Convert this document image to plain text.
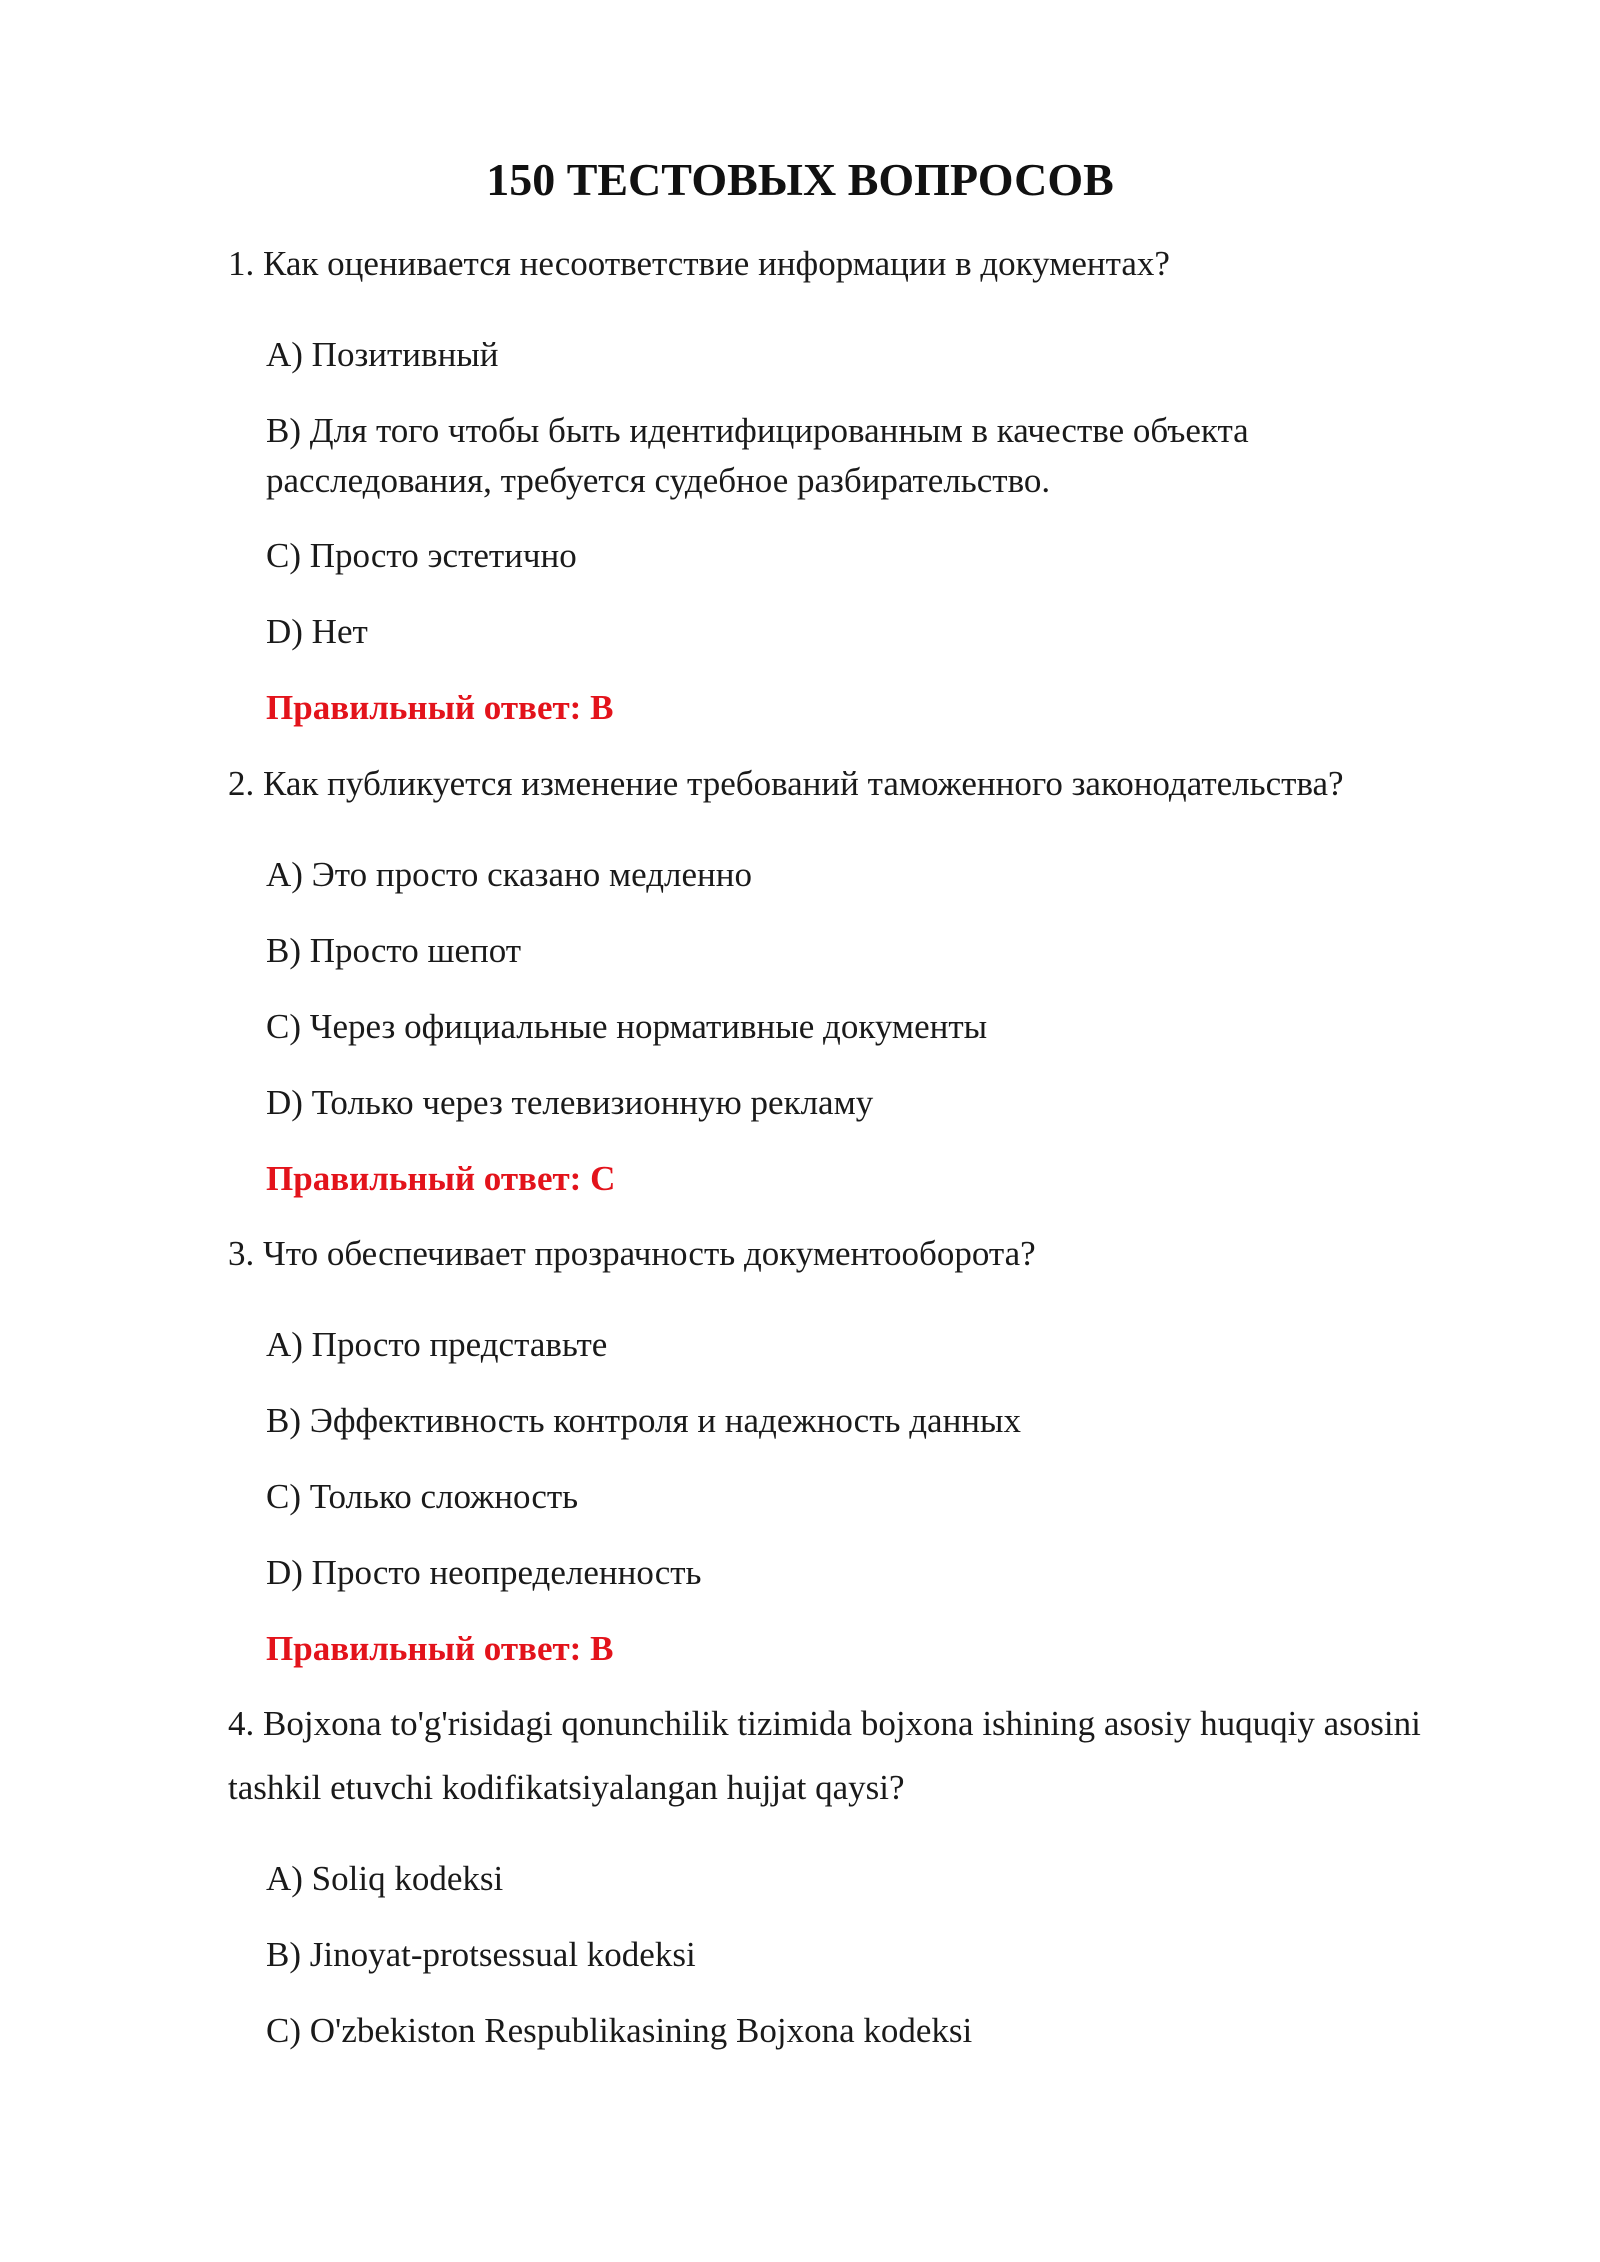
150 ТЕСТОВЫХ ВОПРОСОВ

1. Как оценивается несоответствие информации в документах?

A) Позитивный

B) Для того чтобы быть идентифицированным в качестве объекта расследования, требуется судебное разбирательство.

C) Просто эстетично

D) Нет

Правильный ответ: B

2. Как публикуется изменение требований таможенного законодательства?

A) Это просто сказано медленно

B) Просто шепот

C) Через официальные нормативные документы

D) Только через телевизионную рекламу

Правильный ответ: C

3. Что обеспечивает прозрачность документооборота?

A) Просто представьте

B) Эффективность контроля и надежность данных

C) Только сложность

D) Просто неопределенность

Правильный ответ: B

4. Bojxona to'g'risidagi qonunchilik tizimida bojxona ishining asosiy huquqiy asosini tashkil etuvchi kodifikatsiyalangan hujjat qaysi?

A) Soliq kodeksi

B) Jinoyat-protsessual kodeksi

C) O'zbekiston Respublikasining Bojxona kodeksi
